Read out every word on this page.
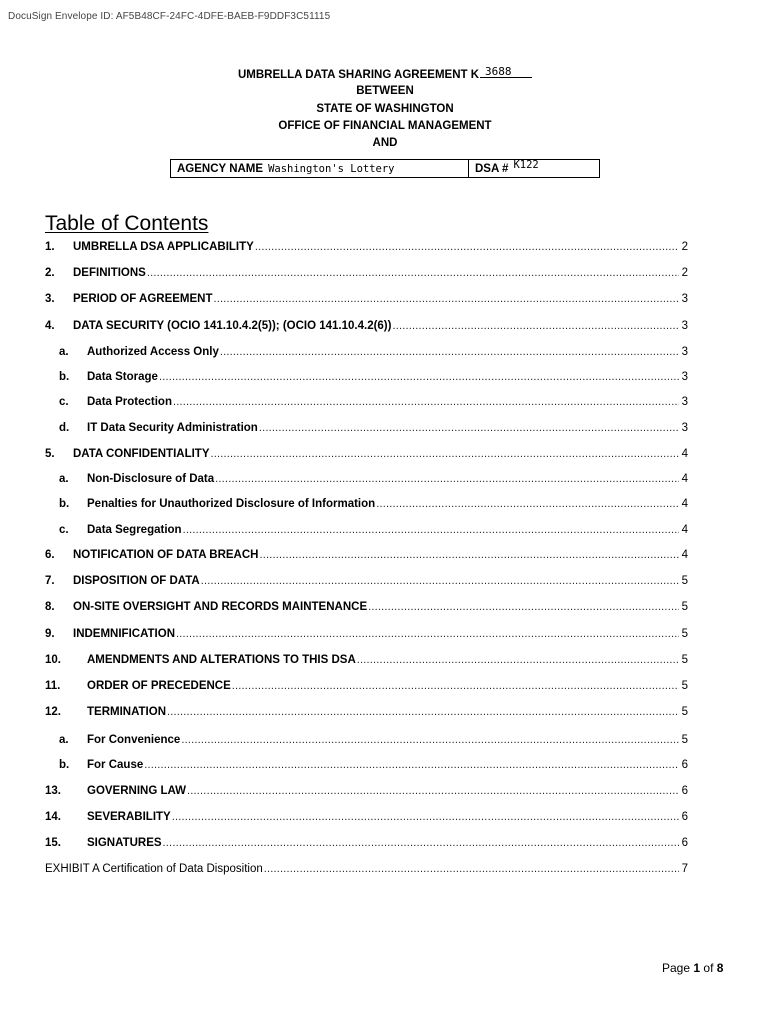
DocuSign Envelope ID: AF5B48CF-24FC-4DFE-BAEB-F9DDF3C51115
UMBRELLA DATA SHARING AGREEMENT K
BETWEEN
STATE OF WASHINGTON
OFFICE OF FINANCIAL MANAGEMENT
AND
3688
AGENCY NAME Washington's Lottery	DSA # K122
Table of Contents
1.	UMBRELLA DSA APPLICABILITY .....	2
2.	DEFINITIONS .....	2
3.	PERIOD OF AGREEMENT .....	3
4.	DATA SECURITY (OCIO 141.10.4.2(5)); (OCIO 141.10.4.2(6)) .....	3
a.	Authorized Access Only .....	3
b.	Data Storage .....	3
c.	Data Protection .....	3
d.	IT Data Security Administration .....	3
5.	DATA CONFIDENTIALITY .....	4
a.	Non-Disclosure of Data .....	4
b.	Penalties for Unauthorized Disclosure of Information .....	4
c.	Data Segregation .....	4
6.	NOTIFICATION OF DATA BREACH .....	4
7.	DISPOSITION OF DATA .....	5
8.	ON-SITE OVERSIGHT AND RECORDS MAINTENANCE .....	5
9.	INDEMNIFICATION .....	5
10.	AMENDMENTS AND ALTERATIONS TO THIS DSA .....	5
11.	ORDER OF PRECEDENCE .....	5
12.	TERMINATION .....	5
a.	For Convenience .....	5
b.	For Cause .....	6
13.	GOVERNING LAW .....	6
14.	SEVERABILITY .....	6
15.	SIGNATURES .....	6
EXHIBIT A Certification of Data Disposition .....	7
Page 1 of 8
